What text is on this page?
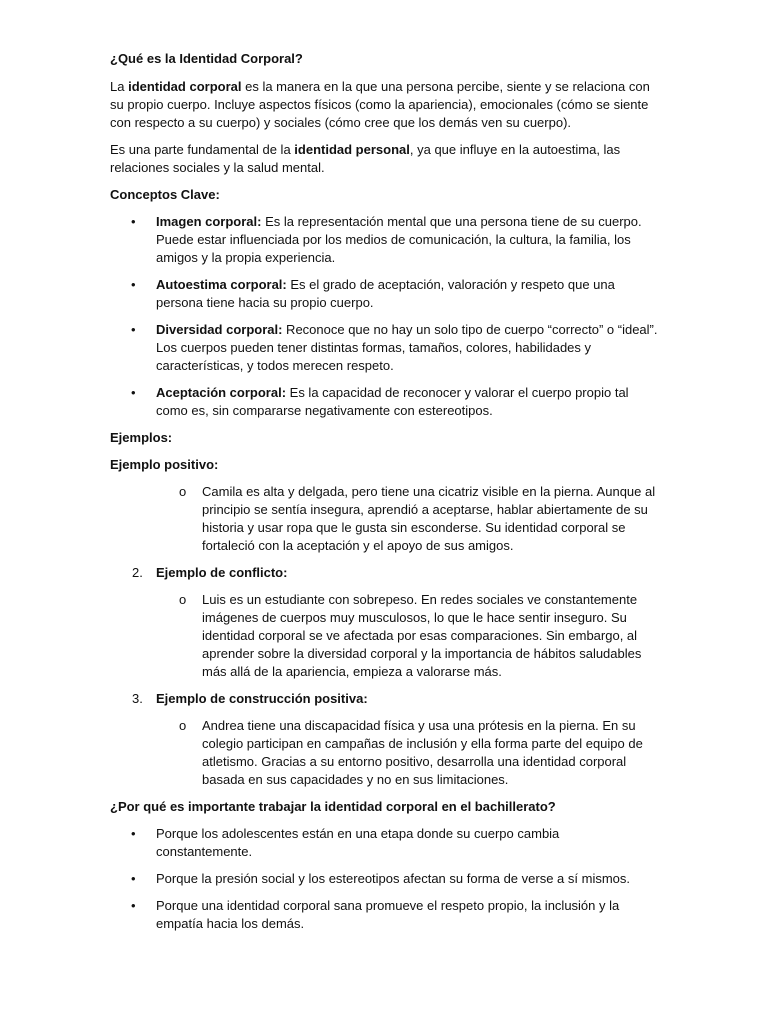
¿Qué es la Identidad Corporal?

La identidad corporal es la manera en la que una persona percibe, siente y se relaciona con su propio cuerpo. Incluye aspectos físicos (como la apariencia), emocionales (cómo se siente con respecto a su cuerpo) y sociales (cómo cree que los demás ven su cuerpo).

Es una parte fundamental de la identidad personal, ya que influye en la autoestima, las relaciones sociales y la salud mental.

Conceptos Clave:

• Imagen corporal: Es la representación mental que una persona tiene de su cuerpo. Puede estar influenciada por los medios de comunicación, la cultura, la familia, los amigos y la propia experiencia.
• Autoestima corporal: Es el grado de aceptación, valoración y respeto que una persona tiene hacia su propio cuerpo.
• Diversidad corporal: Reconoce que no hay un solo tipo de cuerpo “correcto” o “ideal”. Los cuerpos pueden tener distintas formas, tamaños, colores, habilidades y características, y todos merecen respeto.
• Aceptación corporal: Es la capacidad de reconocer y valorar el cuerpo propio tal como es, sin compararse negativamente con estereotipos.

Ejemplos:

Ejemplo positivo:

o Camila es alta y delgada, pero tiene una cicatriz visible en la pierna. Aunque al principio se sentía insegura, aprendió a aceptarse, hablar abiertamente de su historia y usar ropa que le gusta sin esconderse. Su identidad corporal se fortaleció con la aceptación y el apoyo de sus amigos.
2. Ejemplo de conflicto:
o Luis es un estudiante con sobrepeso. En redes sociales ve constantemente imágenes de cuerpos muy musculosos, lo que le hace sentir inseguro. Su identidad corporal se ve afectada por esas comparaciones. Sin embargo, al aprender sobre la diversidad corporal y la importancia de hábitos saludables más allá de la apariencia, empieza a valorarse más.
3. Ejemplo de construcción positiva:
o Andrea tiene una discapacidad física y usa una prótesis en la pierna. En su colegio participan en campañas de inclusión y ella forma parte del equipo de atletismo. Gracias a su entorno positivo, desarrolla una identidad corporal basada en sus capacidades y no en sus limitaciones.

¿Por qué es importante trabajar la identidad corporal en el bachillerato?

• Porque los adolescentes están en una etapa donde su cuerpo cambia constantemente.
• Porque la presión social y los estereotipos afectan su forma de verse a sí mismos.
• Porque una identidad corporal sana promueve el respeto propio, la inclusión y la empatía hacia los demás.
